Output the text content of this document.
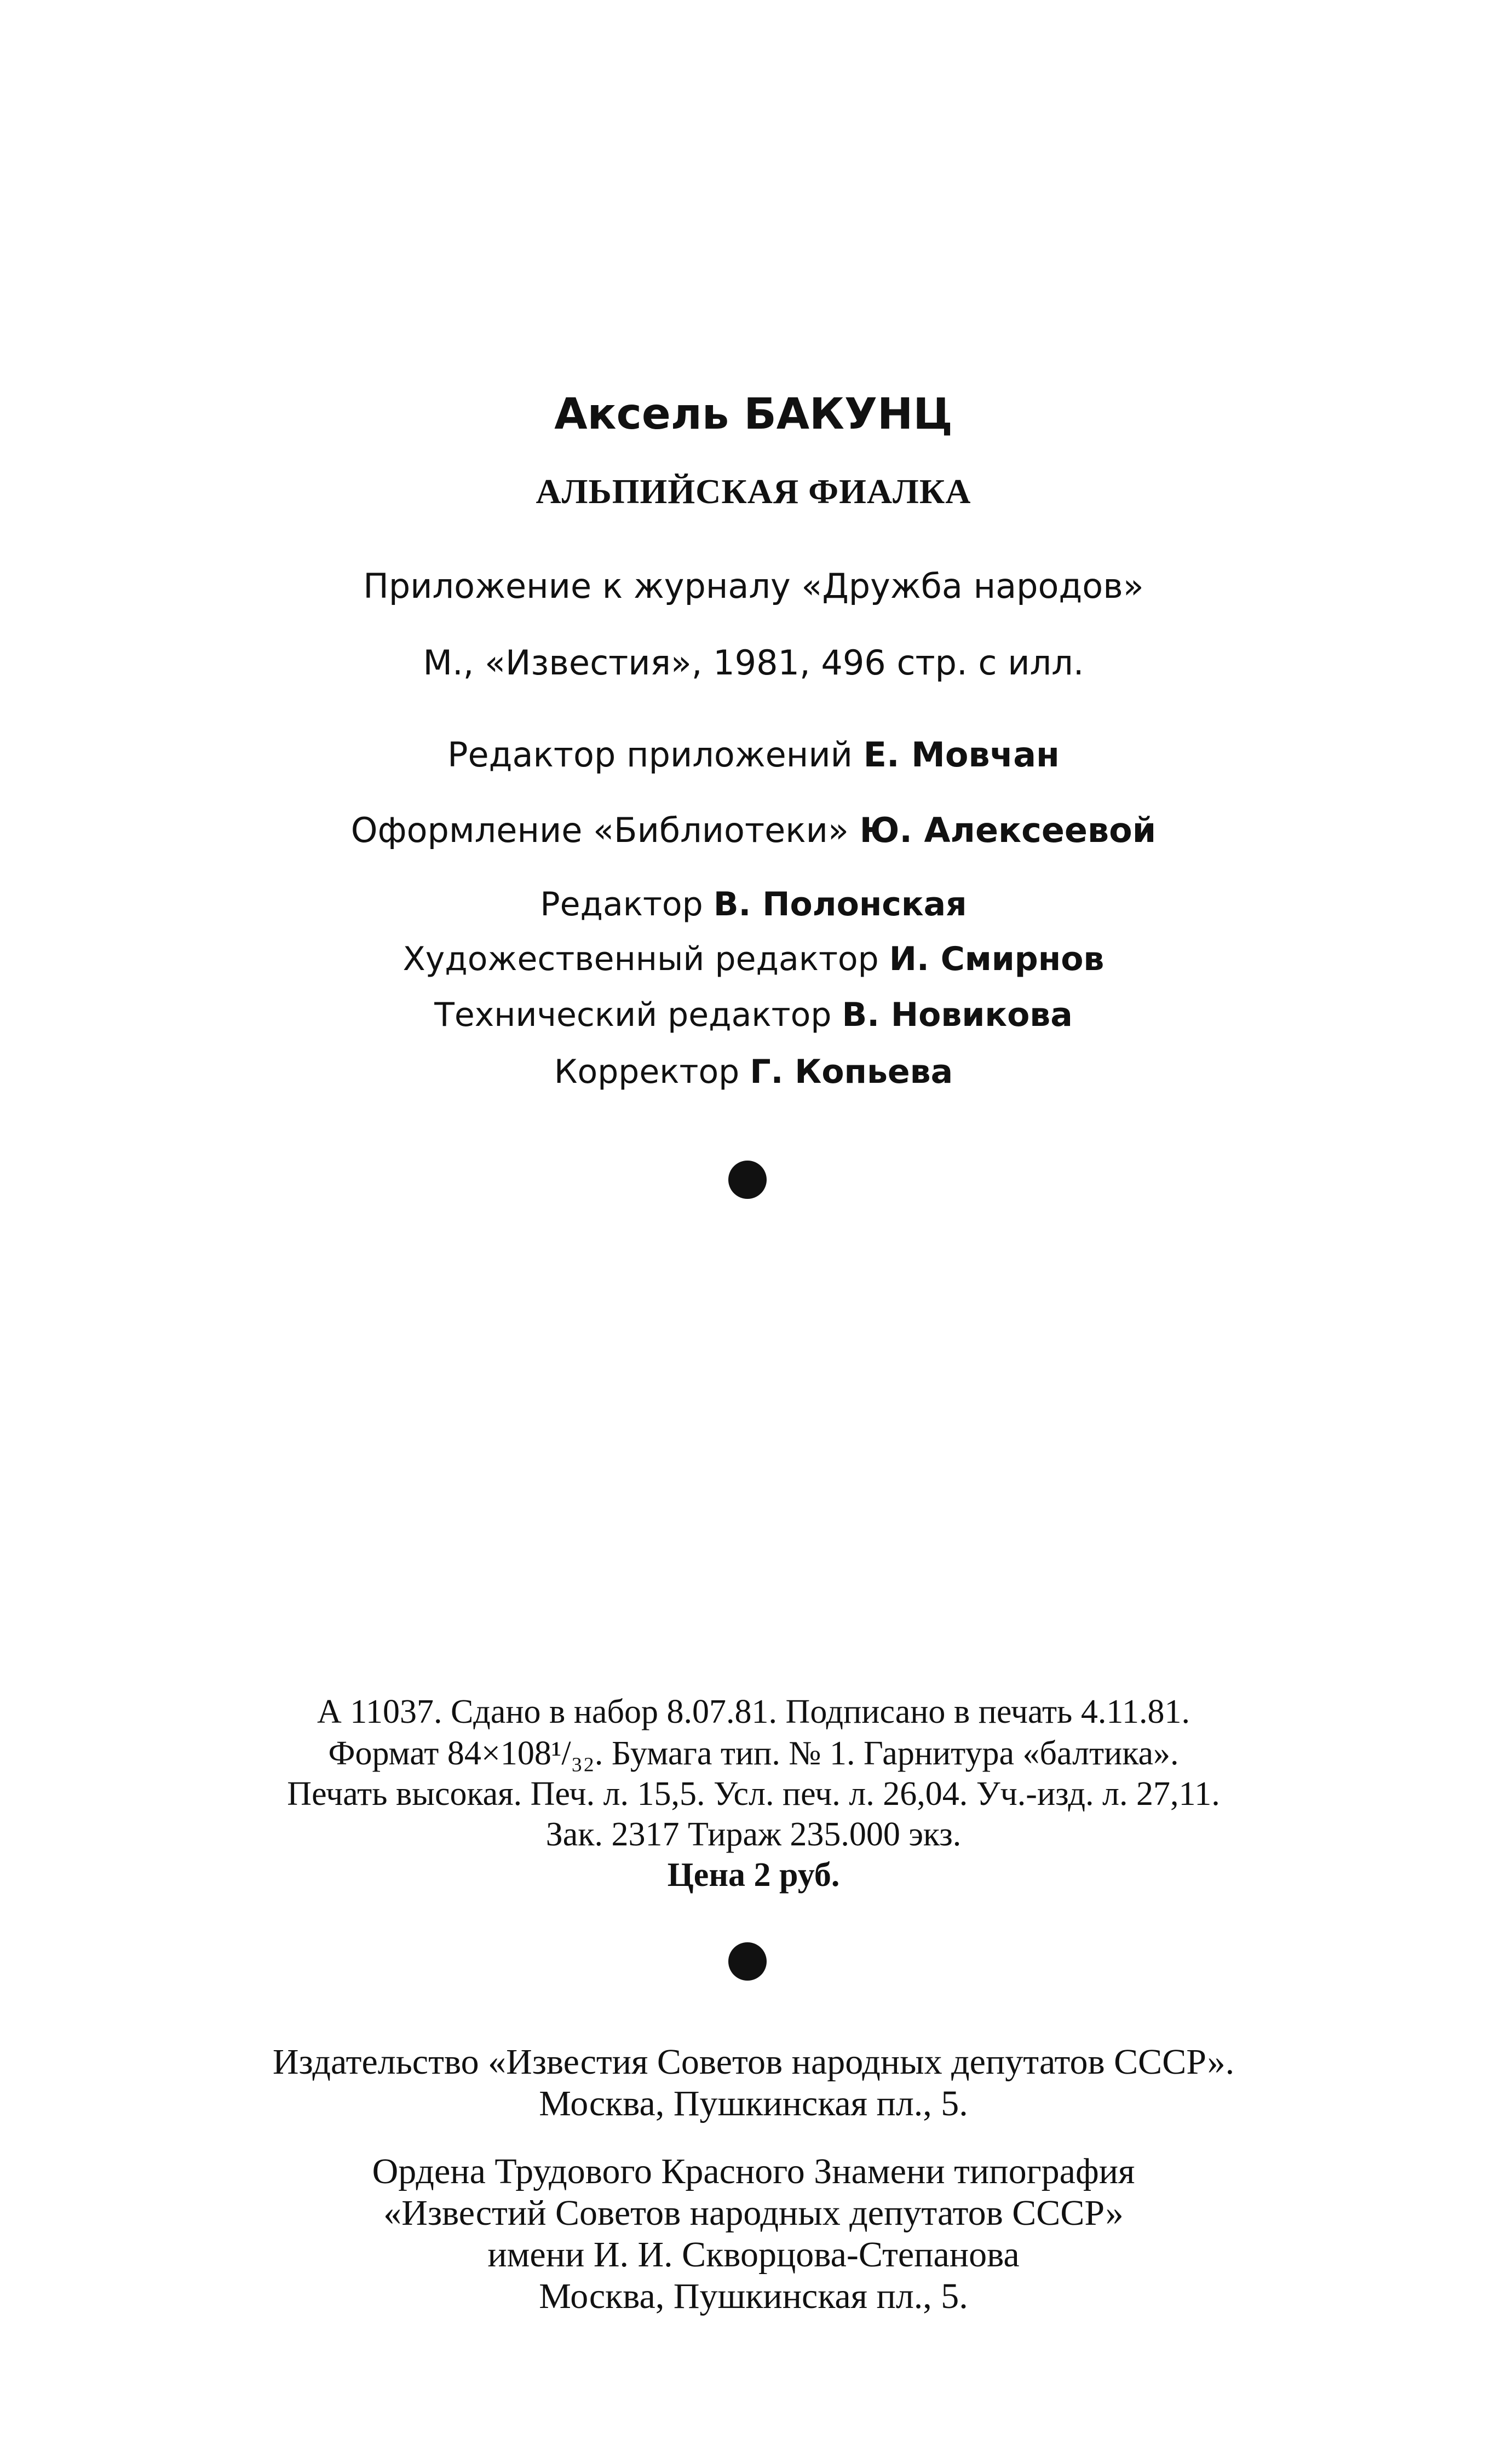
Аксель БАКУНЦ
АЛЬПИЙСКАЯ ФИАЛКА
Приложение к журналу «Дружба народов»
М., «Известия», 1981, 496 стр. с илл.
Редактор приложений Е. Мовчан
Оформление «Библиотеки» Ю. Алексеевой
Редактор В. Полонская
Художественный редактор И. Смирнов
Технический редактор В. Новикова
Корректор Г. Копьева
А 11037. Сдано в набор 8.07.81. Подписано в печать 4.11.81.
Формат 84×108¹/₃₂. Бумага тип. № 1. Гарнитура «балтика».
Печать высокая. Печ. л. 15,5. Усл. печ. л. 26,04. Уч.-изд. л. 27,11.
Зак. 2317 Тираж 235.000 экз.
Цена 2 руб.
Издательство «Известия Советов народных депутатов СССР».
Москва, Пушкинская пл., 5.
Ордена Трудового Красного Знамени типография
«Известий Советов народных депутатов СССР»
имени И. И. Скворцова-Степанова
Москва, Пушкинская пл., 5.
